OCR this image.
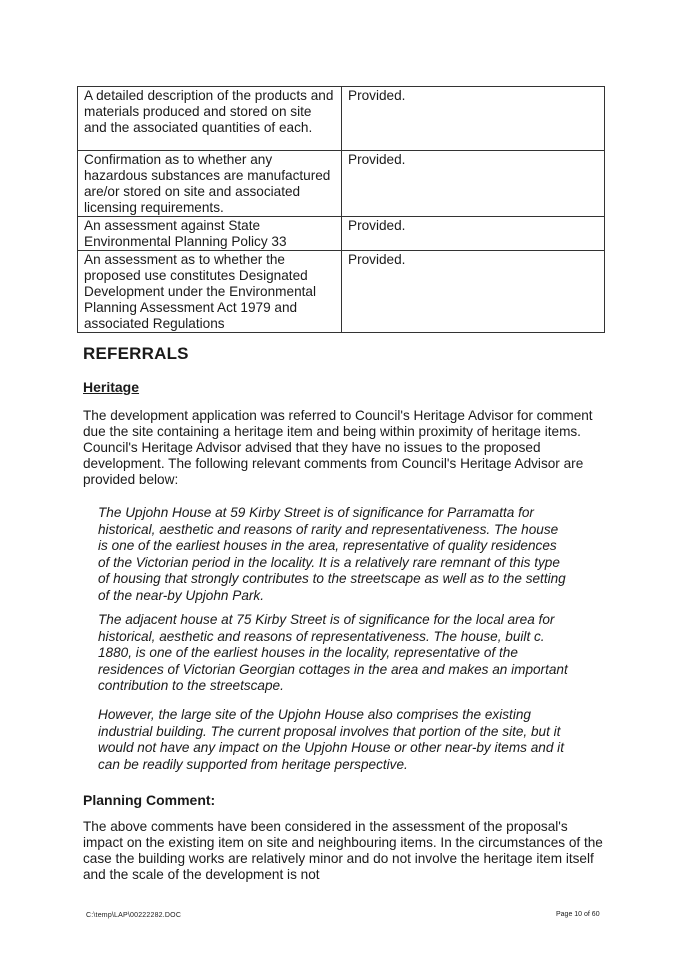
A detailed description of the products and materials produced and stored on site and the associated quantities of each.	Provided.
Confirmation as to whether any hazardous substances are manufactured are/or stored on site and associated licensing requirements.	Provided.
An assessment against State Environmental Planning Policy 33	Provided.
An assessment as to whether the proposed use constitutes Designated Development under the Environmental Planning Assessment Act 1979 and associated Regulations	Provided.
REFERRALS
Heritage
The development application was referred to Council's Heritage Advisor for comment due the site containing a heritage item and being within proximity of heritage items. Council's Heritage Advisor advised that they have no issues to the proposed development. The following relevant comments from Council's Heritage Advisor are provided below:
The Upjohn House at 59 Kirby Street is of significance for Parramatta for historical, aesthetic and reasons of rarity and representativeness. The house is one of the earliest houses in the area, representative of quality residences of the Victorian period in the locality. It is a relatively rare remnant of this type of housing that strongly contributes to the streetscape as well as to the setting of the near-by Upjohn Park.
The adjacent house at 75 Kirby Street is of significance for the local area for historical, aesthetic and reasons of representativeness. The house, built c. 1880, is one of the earliest houses in the locality, representative of the residences of Victorian Georgian cottages in the area and makes an important contribution to the streetscape.
However, the large site of the Upjohn House also comprises the existing industrial building. The current proposal involves that portion of the site, but it would not have any impact on the Upjohn House or other near-by items and it can be readily supported from heritage perspective.
Planning Comment:
The above comments have been considered in the assessment of the proposal's impact on the existing item on site and neighbouring items. In the circumstances of the case the building works are relatively minor and do not involve the heritage item itself and the scale of the development is not
C:\temp\LAP\00222282.DOC	Page 10 of 60
